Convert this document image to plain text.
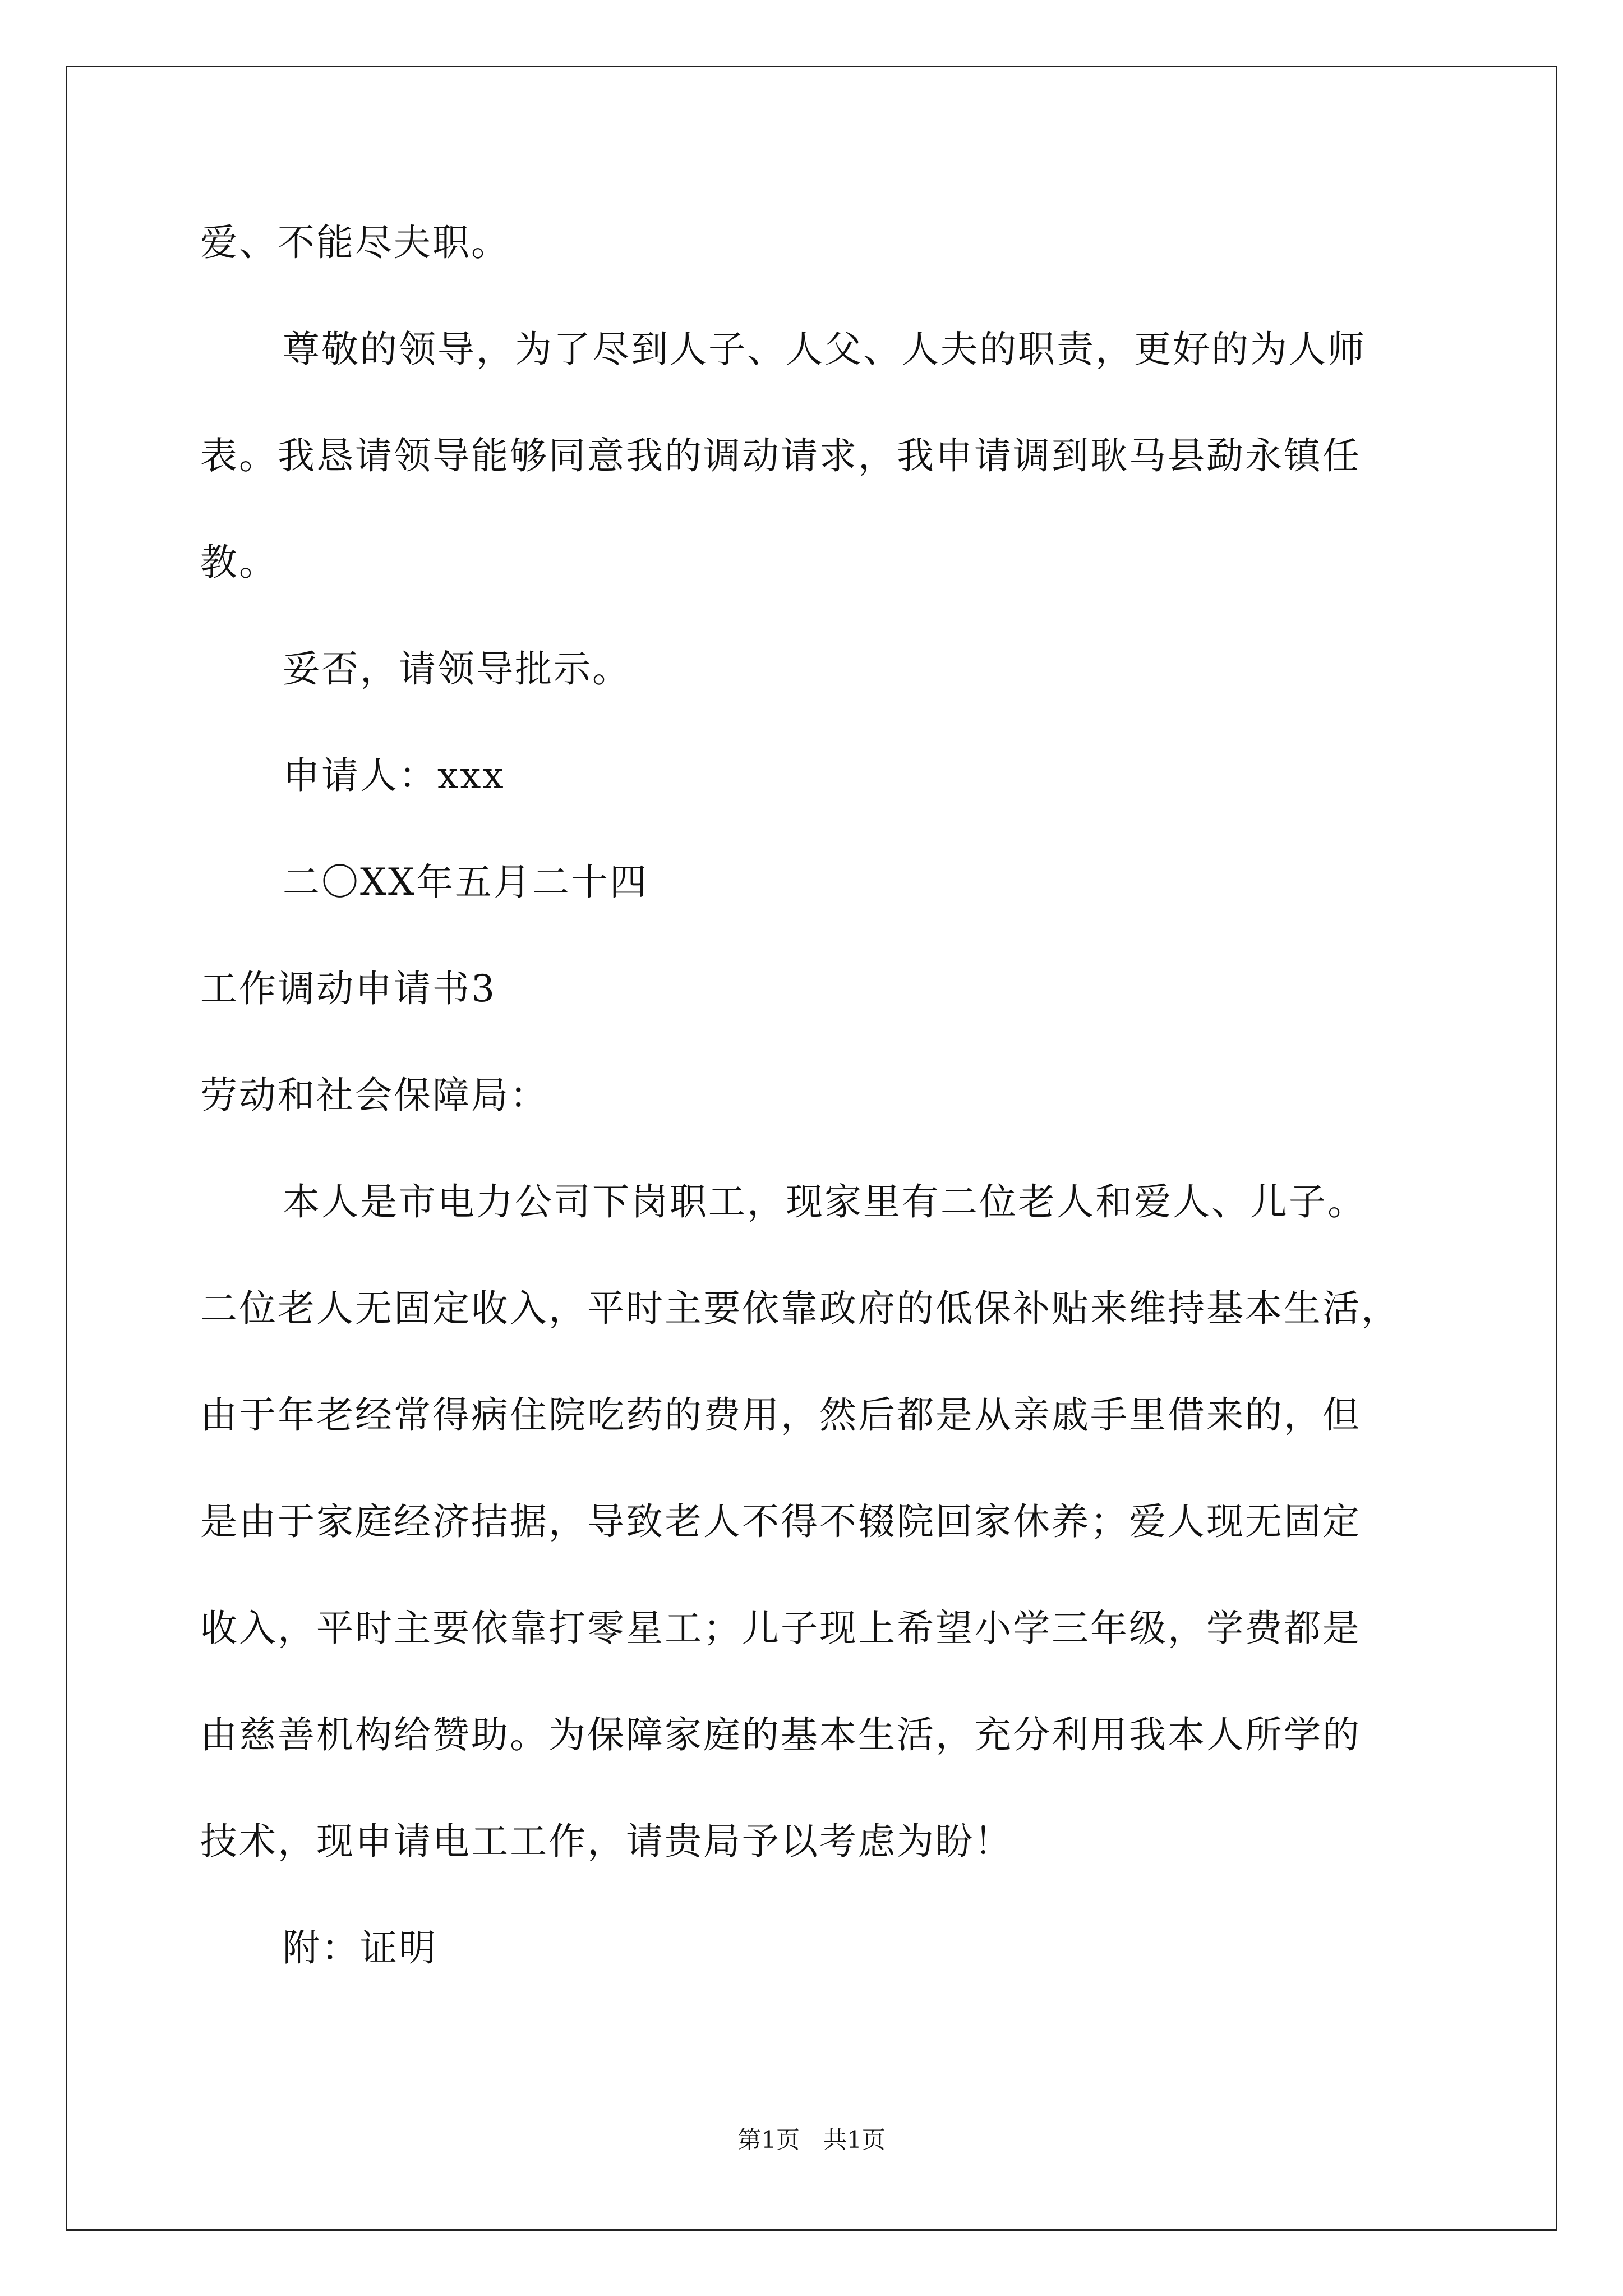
爱、不能尽夫职。
尊敬的领导，为了尽到人子、人父、人夫的职责，更好的为人师
表。我恳请领导能够同意我的调动请求，我申请调到耿马县勐永镇任
教。
妥否，请领导批示。
申请人：xxx
二〇XX年五月二十四
工作调动申请书3
劳动和社会保障局：
本人是市电力公司下岗职工，现家里有二位老人和爱人、儿子。
二位老人无固定收入，平时主要依靠政府的低保补贴来维持基本生活，
由于年老经常得病住院吃药的费用，然后都是从亲戚手里借来的，但
是由于家庭经济拮据，导致老人不得不辍院回家休养；爱人现无固定
收入，平时主要依靠打零星工；儿子现上希望小学三年级，学费都是
由慈善机构给赞助。为保障家庭的基本生活，充分利用我本人所学的
技术，现申请电工工作，请贵局予以考虑为盼！
附：证明
第1页　共1页
